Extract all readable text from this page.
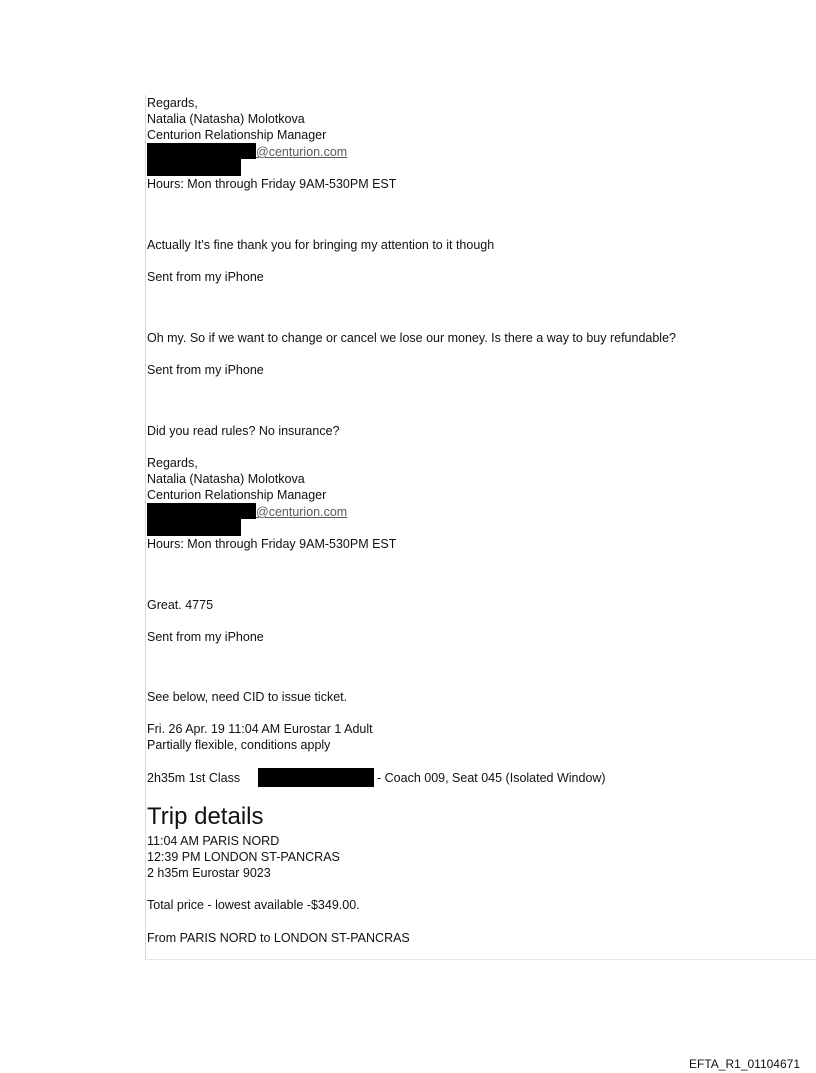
Regards,
Natalia (Natasha) Molotkova
Centurion Relationship Manager
@centurion.com
Hours: Mon through Friday 9AM-530PM EST
Actually It’s fine thank you for bringing my attention to it though
Sent from my iPhone
Oh my. So if we want to change or cancel we lose our money. Is there a way to buy refundable?
Sent from my iPhone
Did you read rules? No insurance?
Regards,
Natalia (Natasha) Molotkova
Centurion Relationship Manager
@centurion.com
Hours: Mon through Friday 9AM-530PM EST
Great. 4775
Sent from my iPhone
See below, need CID to issue ticket.
Fri. 26 Apr. 19 11:04 AM Eurostar 1 Adult
Partially flexible, conditions apply
2h35m 1st Class	- Coach 009, Seat 045 (Isolated Window)
Trip details
11:04 AM PARIS NORD
12:39 PM LONDON ST-PANCRAS
2 h35m Eurostar 9023
Total price - lowest available -$349.00.
From PARIS NORD to LONDON ST-PANCRAS
EFTA_R1_01104671
